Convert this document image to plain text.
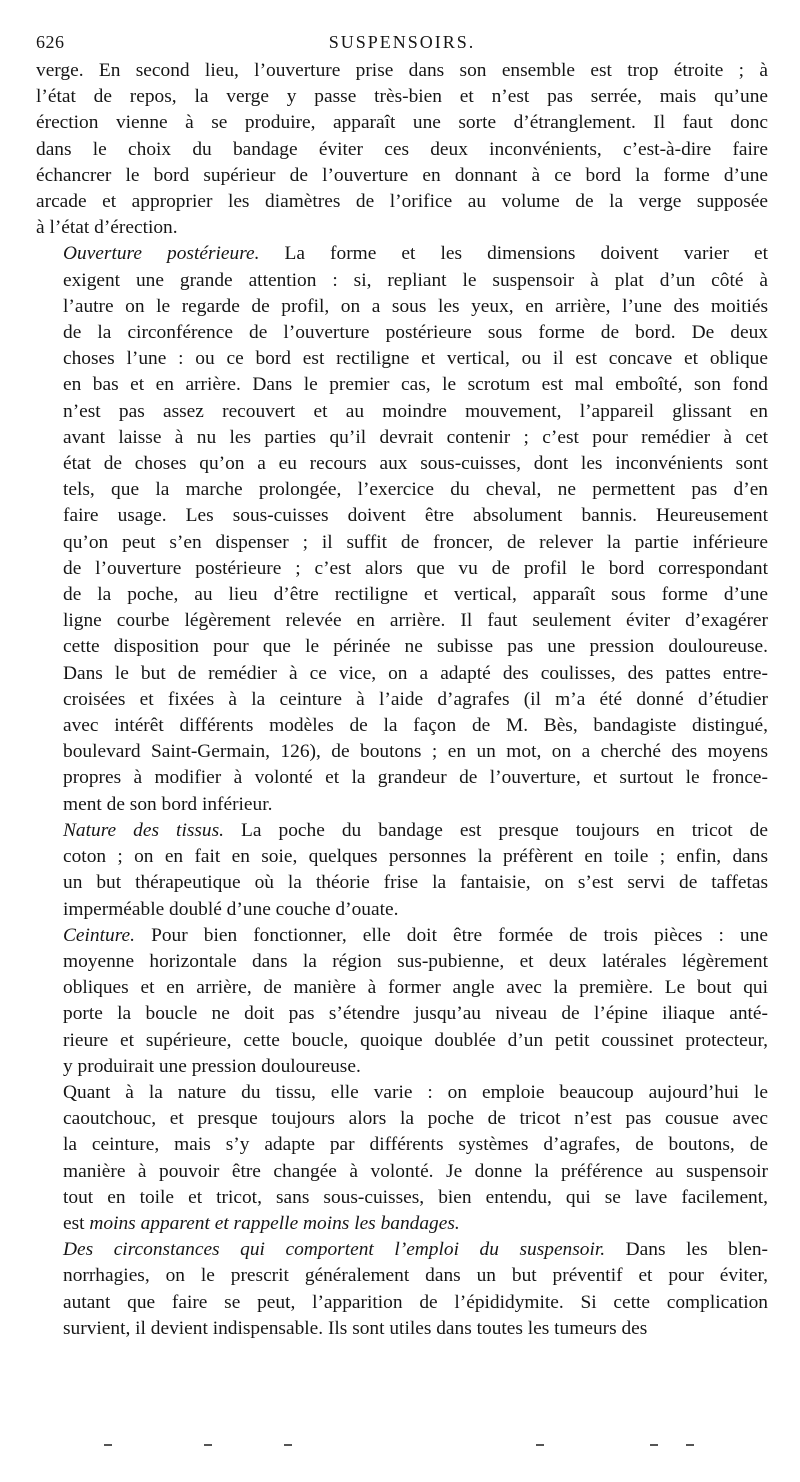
626	SUSPENSOIRS.
verge. En second lieu, l’ouverture prise dans son ensemble est trop étroite ; à
l’état de repos, la verge y passe très-bien et n’est pas serrée, mais qu’une
érection vienne à se produire, apparaît une sorte d’étranglement. Il faut donc
dans le choix du bandage éviter ces deux inconvénients, c’est-à-dire faire
échancrer le bord supérieur de l’ouverture en donnant à ce bord la forme d’une
arcade et approprier les diamètres de l’orifice au volume de la verge supposée
à l’état d’érection.
Ouverture postérieure. La forme et les dimensions doivent varier et
exigent une grande attention : si, repliant le suspensoir à plat d’un côté à
l’autre on le regarde de profil, on a sous les yeux, en arrière, l’une des moitiés
de la circonférence de l’ouverture postérieure sous forme de bord. De deux
choses l’une : ou ce bord est rectiligne et vertical, ou il est concave et oblique
en bas et en arrière. Dans le premier cas, le scrotum est mal emboîté, son fond
n’est pas assez recouvert et au moindre mouvement, l’appareil glissant en
avant laisse à nu les parties qu’il devrait contenir ; c’est pour remédier à cet
état de choses qu’on a eu recours aux sous-cuisses, dont les inconvénients sont
tels, que la marche prolongée, l’exercice du cheval, ne permettent pas d’en
faire usage. Les sous-cuisses doivent être absolument bannis. Heureusement
qu’on peut s’en dispenser ; il suffit de froncer, de relever la partie inférieure
de l’ouverture postérieure ; c’est alors que vu de profil le bord correspondant
de la poche, au lieu d’être rectiligne et vertical, apparaît sous forme d’une
ligne courbe légèrement relevée en arrière. Il faut seulement éviter d’exagérer
cette disposition pour que le périnée ne subisse pas une pression douloureuse.
Dans le but de remédier à ce vice, on a adapté des coulisses, des pattes entre-
croisées et fixées à la ceinture à l’aide d’agrafes (il m’a été donné d’étudier
avec intérêt différents modèles de la façon de M. Bès, bandagiste distingué,
boulevard Saint-Germain, 126), de boutons ; en un mot, on a cherché des moyens
propres à modifier à volonté et la grandeur de l’ouverture, et surtout le fronce-
ment de son bord inférieur.
Nature des tissus. La poche du bandage est presque toujours en tricot de
coton ; on en fait en soie, quelques personnes la préfèrent en toile ; enfin, dans
un but thérapeutique où la théorie frise la fantaisie, on s’est servi de taffetas
imperméable doublé d’une couche d’ouate.
Ceinture. Pour bien fonctionner, elle doit être formée de trois pièces : une
moyenne horizontale dans la région sus-pubienne, et deux latérales légèrement
obliques et en arrière, de manière à former angle avec la première. Le bout qui
porte la boucle ne doit pas s’étendre jusqu’au niveau de l’épine iliaque anté-
rieure et supérieure, cette boucle, quoique doublée d’un petit coussinet protecteur,
y produirait une pression douloureuse.
Quant à la nature du tissu, elle varie : on emploie beaucoup aujourd’hui le
caoutchouc, et presque toujours alors la poche de tricot n’est pas cousue avec
la ceinture, mais s’y adapte par différents systèmes d’agrafes, de boutons, de
manière à pouvoir être changée à volonté. Je donne la préférence au suspensoir
tout en toile et tricot, sans sous-cuisses, bien entendu, qui se lave facilement,
est moins apparent et rappelle moins les bandages.
Des circonstances qui comportent l’emploi du suspensoir. Dans les blen-
norrhagies, on le prescrit généralement dans un but préventif et pour éviter,
autant que faire se peut, l’apparition de l’épididymite. Si cette complication
survient, il devient indispensable. Ils sont utiles dans toutes les tumeurs des
